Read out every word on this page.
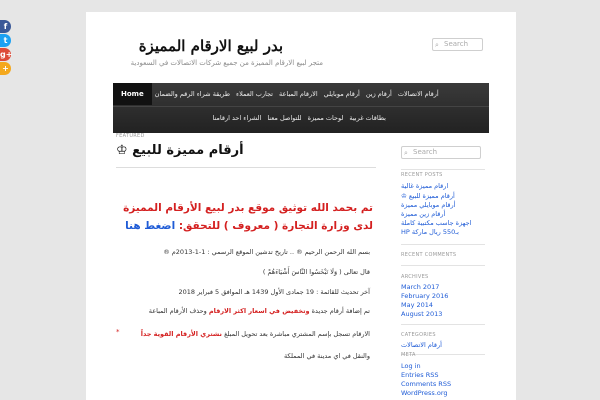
f
t
g+
+
بدر لبيع الارقام المميزة
متجر لبيع الارقام المميزة من جميع شركات الاتصالات في السعودية
⌕ Search
Home	طريقة شراء الرقم والضمان تجارب العملاء الارقام المباعة أرقام موبايلي أرقام زين أرقام الاتصالات
الشراء احد ارقامنا للتواصل معنا لوحات مميزة بطاقات غربية
FEATURED
أرقام مميزة للبيع ♔
تم بحمد الله توثيق موقع بدر لبيع الأرقام المميزة
لدى وزارة التجارة ( معروف ) للتحقق: اضغط هنا
بسم الله الرحمن الرحيم ® .. تاريخ تدشين الموقع الرسمي : 1-1-2013م ®
قال تعالى ( وَلَا تَبْخَسُوا النَّاسَ أَشْيَاءَهُمْ )
آخر تحديث للقائمة : 19 جمادى الأول 1439 هـ الموافق 5 فبراير 2018
تم إضافة أرقام جديدة وتخفيض في اسعار اكثر الارقام وحذف الأرقام المباعة
الارقام تسجل بإسم المشتري مباشرة بعد تحويل المبلغ نشتري الأرقام القوية جداً
*
والنقل في اي مدينة في المملكة
⌕ Search
RECENT POSTS
ارقام مميزة غالية
أرقام مميزة للبيع ♔
أرقام موبايلي مميزة
أرقام زين مميزة
اجهزة جاسب مكتبية كاملة
بـ550 ريال ماركة HP
RECENT COMMENTS
ARCHIVES
March 2017
February 2016
May 2014
August 2013
CATEGORIES
أرقام الاتصالات
META
Log in
Entries RSS
Comments RSS
WordPress.org
